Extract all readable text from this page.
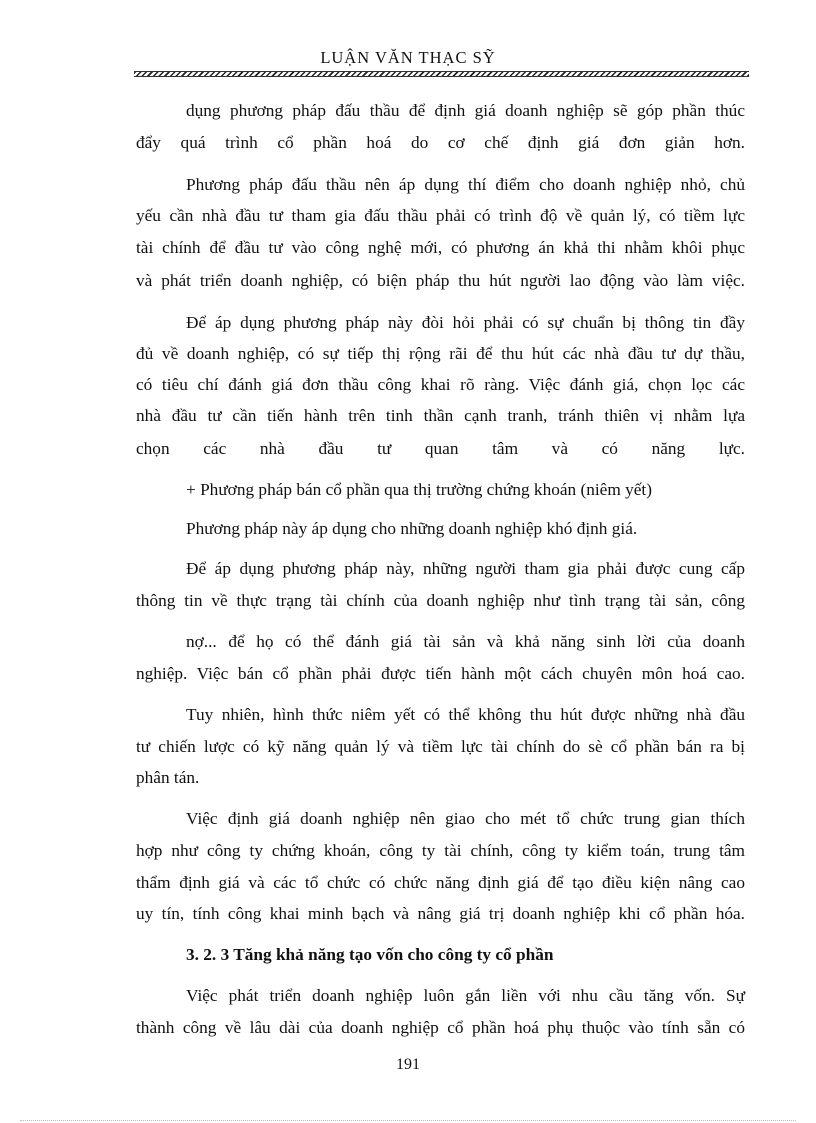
LUẬN VĂN THẠC SỸ
dụng phương pháp đấu thầu để định giá doanh nghiệp sẽ góp phần thúc
đẩy quá trình cổ phần hoá do cơ chế định giá đơn giản hơn.
Phương pháp đấu thầu nên áp dụng thí điểm cho doanh nghiệp nhỏ, chủ
yếu cần nhà đầu tư tham gia đấu thầu phải có trình độ về quản lý, có tiềm lực
tài chính để đầu tư vào công nghệ mới, có phương án khả thi nhằm khôi phục
và phát triển doanh nghiệp, có biện pháp thu hút người lao động vào làm việc.
Để áp dụng phương pháp này đòi hỏi phải có sự chuẩn bị thông tin đầy
đủ về doanh nghiệp, có sự tiếp thị rộng rãi để thu hút các nhà đầu tư dự thầu,
có tiêu chí đánh giá đơn thầu công khai rõ ràng. Việc đánh giá, chọn lọc các
nhà đầu tư cần tiến hành trên tinh thần cạnh tranh, tránh thiên vị nhằm lựa
chọn các nhà đầu tư quan tâm và có năng lực.
+ Phương pháp bán cổ phần qua thị trường chứng khoán (niêm yết)
Phương pháp này áp dụng cho những doanh nghiệp khó định giá.
Để áp dụng phương pháp này, những người tham gia phải được cung cấp
thông tin về thực trạng tài chính của doanh nghiệp như tình trạng tài sản, công
nợ... để họ có thể đánh giá tài sản và khả năng sinh lời của doanh
nghiệp. Việc bán cổ phần phải được tiến hành một cách chuyên môn hoá cao.
Tuy nhiên, hình thức niêm yết có thể không thu hút được những nhà đầu
tư chiến lược có kỹ năng quản lý và tiềm lực tài chính do sè cổ phần bán ra bị
phân tán.
Việc định giá doanh nghiệp nên giao cho mét tổ chức trung gian thích
hợp như công ty chứng khoán, công ty tài chính, công ty kiểm toán, trung tâm
thẩm định giá và các tổ chức có chức năng định giá để tạo điều kiện nâng cao
uy tín, tính công khai minh bạch và nâng giá trị doanh nghiệp khi cổ phần hóa.
3. 2. 3 Tăng khả năng tạo vốn cho công ty cổ phần
Việc phát triển doanh nghiệp luôn gắn liền với nhu cầu tăng vốn. Sự
thành công về lâu dài của doanh nghiệp cổ phần hoá phụ thuộc vào tính sẵn có
191
